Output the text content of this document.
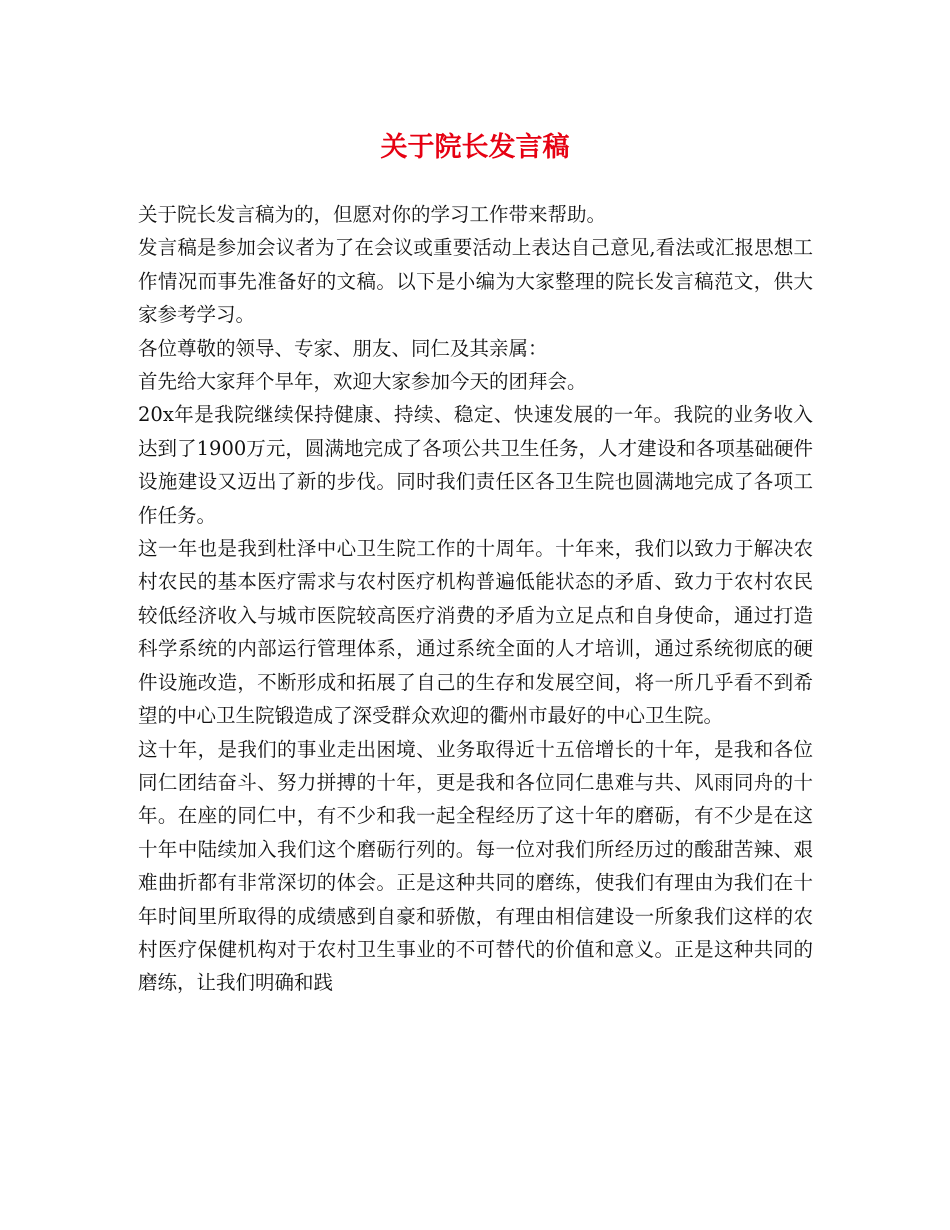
关于院长发言稿

关于院长发言稿为的，但愿对你的学习工作带来帮助。

发言稿是参加会议者为了在会议或重要活动上表达自己意见,看法或汇报思想工作情况而事先准备好的文稿。以下是小编为大家整理的院长发言稿范文，供大家参考学习。

各位尊敬的领导、专家、朋友、同仁及其亲属：

首先给大家拜个早年，欢迎大家参加今天的团拜会。

20x年是我院继续保持健康、持续、稳定、快速发展的一年。我院的业务收入达到了1900万元，圆满地完成了各项公共卫生任务，人才建设和各项基础硬件设施建设又迈出了新的步伐。同时我们责任区各卫生院也圆满地完成了各项工作任务。

这一年也是我到杜泽中心卫生院工作的十周年。十年来，我们以致力于解决农村农民的基本医疗需求与农村医疗机构普遍低能状态的矛盾、致力于农村农民较低经济收入与城市医院较高医疗消费的矛盾为立足点和自身使命，通过打造科学系统的内部运行管理体系，通过系统全面的人才培训，通过系统彻底的硬件设施改造，不断形成和拓展了自己的生存和发展空间，将一所几乎看不到希望的中心卫生院锻造成了深受群众欢迎的衢州市最好的中心卫生院。

这十年，是我们的事业走出困境、业务取得近十五倍增长的十年，是我和各位同仁团结奋斗、努力拼搏的十年，更是我和各位同仁患难与共、风雨同舟的十年。在座的同仁中，有不少和我一起全程经历了这十年的磨砺，有不少是在这十年中陆续加入我们这个磨砺行列的。每一位对我们所经历过的酸甜苦辣、艰难曲折都有非常深切的体会。正是这种共同的磨练，使我们有理由为我们在十年时间里所取得的成绩感到自豪和骄傲，有理由相信建设一所象我们这样的农村医疗保健机构对于农村卫生事业的不可替代的价值和意义。正是这种共同的磨练，让我们明确和践
